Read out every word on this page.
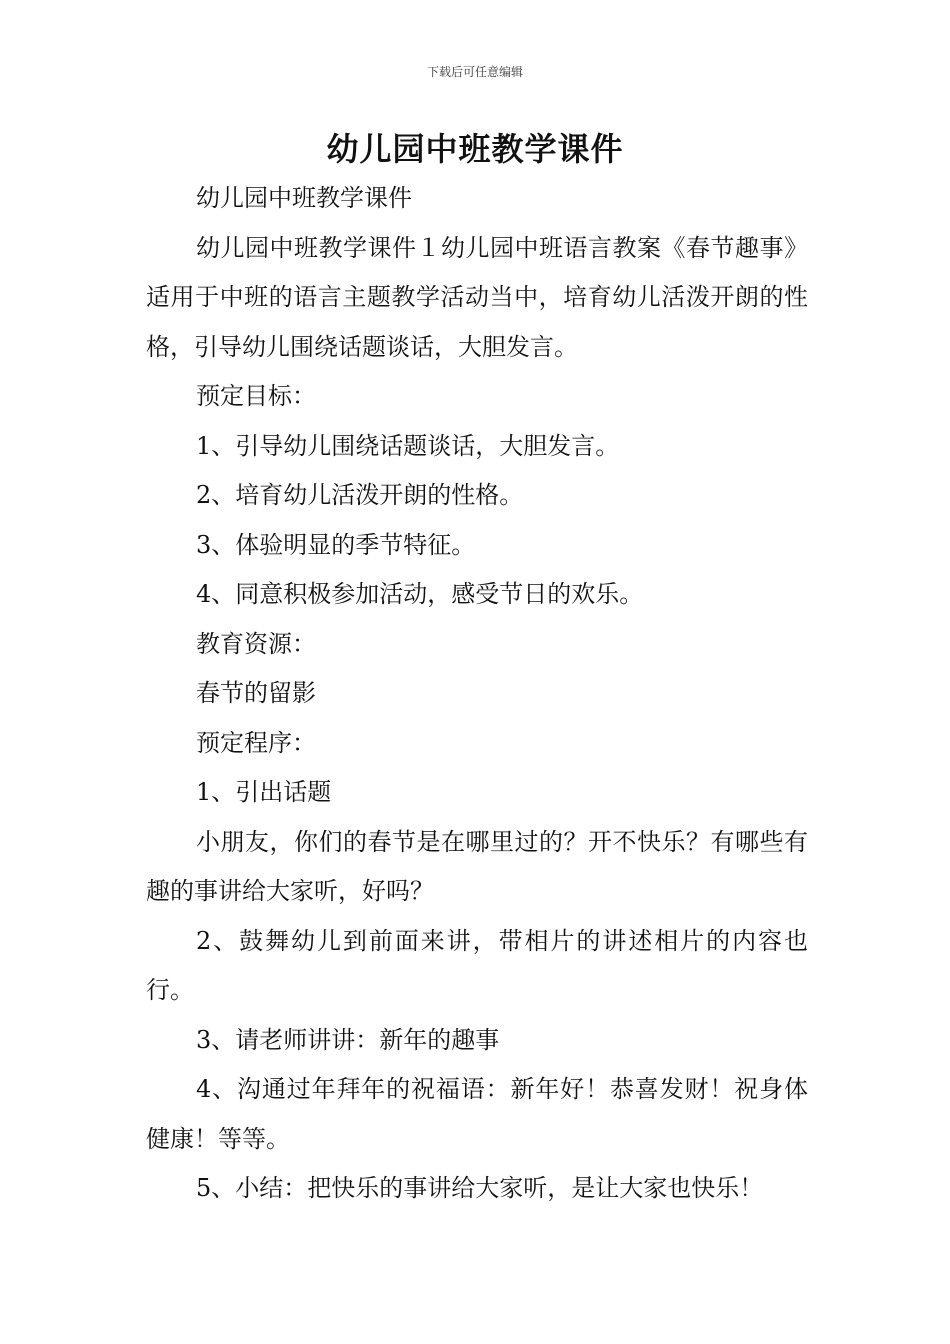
下载后可任意编辑
幼儿园中班教学课件

幼儿园中班教学课件

幼儿园中班教学课件１幼儿园中班语言教案《春节趣事》适用于中班的语言主题教学活动当中，培育幼儿活泼开朗的性格，引导幼儿围绕话题谈话，大胆发言。

预定目标：

1、引导幼儿围绕话题谈话，大胆发言。

2、培育幼儿活泼开朗的性格。

3、体验明显的季节特征。

4、同意积极参加活动，感受节日的欢乐。

教育资源：

春节的留影

预定程序：

1、引出话题

小朋友，你们的春节是在哪里过的？开不快乐？有哪些有趣的事讲给大家听，好吗？

2、鼓舞幼儿到前面来讲，带相片的讲述相片的内容也行。

3、请老师讲讲：新年的趣事

4、沟通过年拜年的祝福语：新年好！恭喜发财！祝身体健康！等等。

5、小结：把快乐的事讲给大家听，是让大家也快乐！
